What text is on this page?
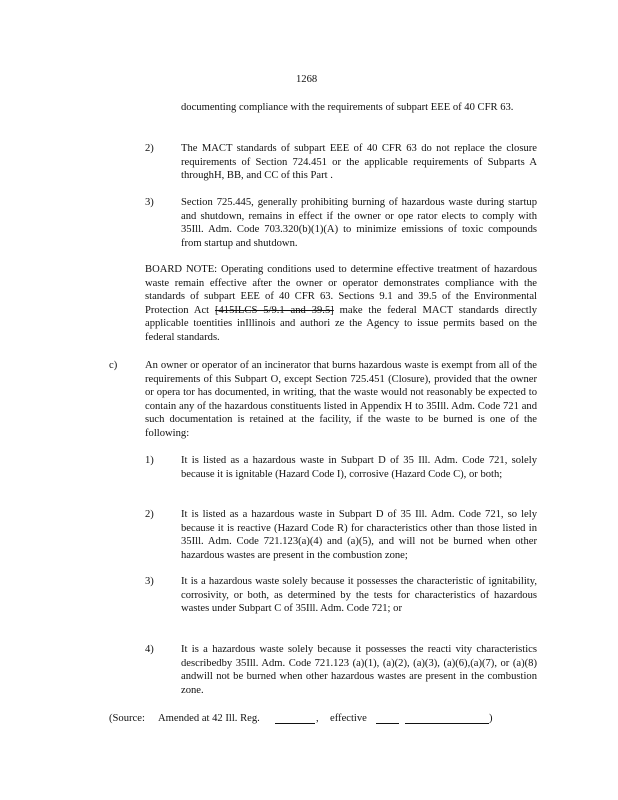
1268
documenting compliance with the requirements of subpart EEE of 40 CFR 63.
2)	The MACT standards of subpart EEE of 40 CFR 63 do not replace the closure requirements of Section 724.451 or the applicable requirements of Subparts A throughH, BB, and CC of this Part .
3)	Section 725.445, generally prohibiting burning of hazardous waste during startup and shutdown, remains in effect if the owner or ope rator elects to comply with 35Ill. Adm. Code 703.320(b)(1)(A) to minimize emissions of toxic compounds from startup and shutdown.
BOARD NOTE: Operating conditions used to determine effective treatment of hazardous waste remain effective after the owner or operator demonstrates compliance with the standards of subpart EEE of 40 CFR 63. Sections 9.1 and 39.5 of the Environmental Protection Act [415ILCS 5/9.1 and 39.5] make the federal MACT standards directly applicable toentities inIllinois and authori ze the Agency to issue permits based on the federal standards.
c)	An owner or operator of an incinerator that burns hazardous waste is exempt from all of the requirements of this Subpart O, except Section 725.451 (Closure), provided that the owner or opera tor has documented, in writing, that the waste would not reasonably be expected to contain any of the hazardous constituents listed in Appendix H to 35Ill. Adm. Code 721 and such documentation is retained at the facility, if the waste to be burned is one of the following:
1)	It is listed as a hazardous waste in Subpart D of 35 Ill. Adm. Code 721, solely because it is ignitable (Hazard Code I), corrosive (Hazard Code C), or both;
2)	It is listed as a hazardous waste in Subpart D of 35 Ill. Adm. Code 721, so lely because it is reactive (Hazard Code R) for characteristics other than those listed in 35Ill. Adm. Code 721.123(a)(4) and (a)(5), and will not be burned when other hazardous wastes are present in the combustion zone;
3)	It is a hazardous waste solely because it possesses the characteristic of ignitability, corrosivity, or both, as determined by the tests for characteristics of hazardous wastes under Subpart C of 35Ill. Adm. Code 721; or
4)	It is a hazardous waste solely because it possesses the reacti vity characteristics describedby 35Ill. Adm. Code 721.123 (a)(1), (a)(2), (a)(3), (a)(6),(a)(7), or (a)(8) andwill not be burned when other hazardous wastes are present in the combustion zone.
(Source: Amended at 42 Ill. Reg.	, effective	)
